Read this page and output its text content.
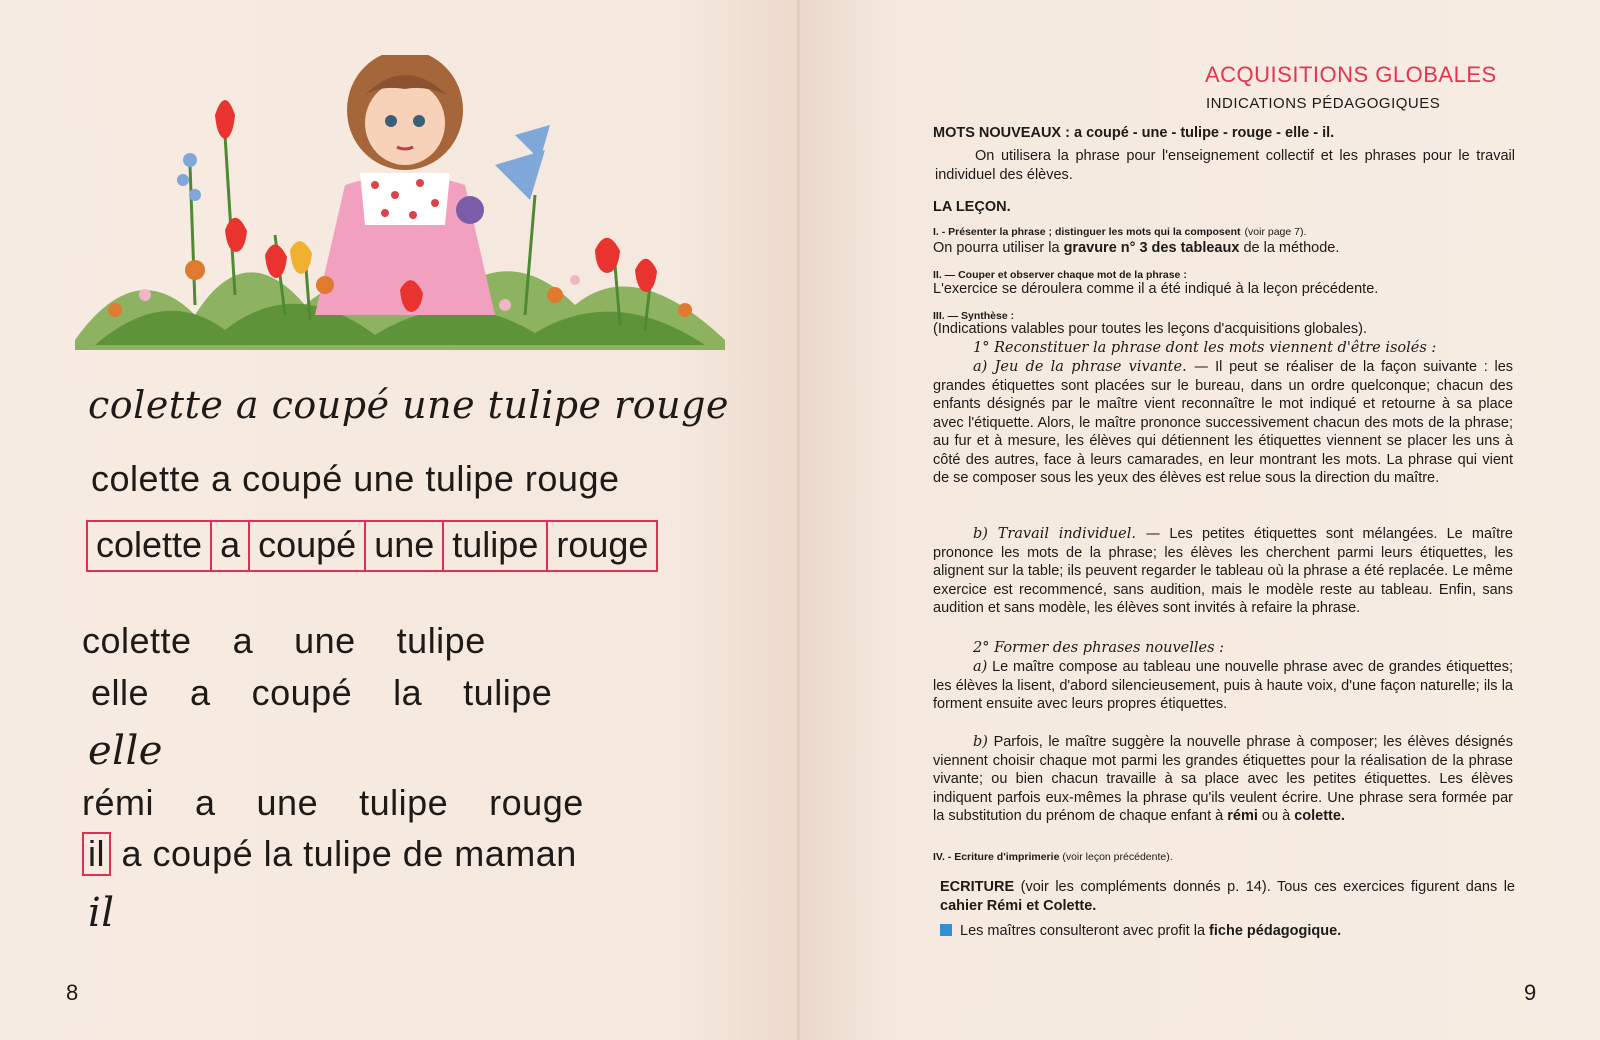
colette a coupé une tulipe rouge
colette a coupé une tulipe rouge
colette a coupé une tulipe rouge
colette  a  une  tulipe
elle  a  coupé  la  tulipe
elle
rémi  a  une  tulipe  rouge
il a coupé la tulipe de maman
il
8
ACQUISITIONS GLOBALES
INDICATIONS PÉDAGOGIQUES
MOTS NOUVEAUX : a coupé - une - tulipe - rouge - elle - il.
On utilisera la phrase pour l'enseignement collectif et les phrases pour le travail individuel des élèves.
LA LEÇON.
I. - Présenter la phrase ; distinguer les mots qui la composent (voir page 7).
On pourra utiliser la gravure n° 3 des tableaux de la méthode.
II. — Couper et observer chaque mot de la phrase :
L'exercice se déroulera comme il a été indiqué à la leçon précédente.
III. — Synthèse :
(Indications valables pour toutes les leçons d'acquisitions globales).
1° Reconstituer la phrase dont les mots viennent d'être isolés :
a) Jeu de la phrase vivante. — Il peut se réaliser de la façon suivante : les grandes étiquettes sont placées sur le bureau, dans un ordre quelconque; chacun des enfants désignés par le maître vient reconnaître le mot indiqué et retourne à sa place avec l'étiquette. Alors, le maître prononce successivement chacun des mots de la phrase; au fur et à mesure, les élèves qui détiennent les étiquettes viennent se placer les uns à côté des autres, face à leurs camarades, en leur montrant les mots. La phrase qui vient de se composer sous les yeux des élèves est relue sous la direction du maître.
b) Travail individuel. — Les petites étiquettes sont mélangées. Le maître prononce les mots de la phrase; les élèves les cherchent parmi leurs étiquettes, les alignent sur la table; ils peuvent regarder le tableau où la phrase a été replacée. Le même exercice est recommencé, sans audition, mais le modèle reste au tableau. Enfin, sans audition et sans modèle, les élèves sont invités à refaire la phrase.
2° Former des phrases nouvelles :
a) Le maître compose au tableau une nouvelle phrase avec de grandes étiquettes; les élèves la lisent, d'abord silencieusement, puis à haute voix, d'une façon naturelle; ils la forment ensuite avec leurs propres étiquettes.
b) Parfois, le maître suggère la nouvelle phrase à composer; les élèves désignés viennent choisir chaque mot parmi les grandes étiquettes pour la réalisation de la phrase vivante; ou bien chacun travaille à sa place avec les petites étiquettes. Les élèves indiquent parfois eux-mêmes la phrase qu'ils veulent écrire. Une phrase sera formée par la substitution du prénom de chaque enfant à rémi ou à colette.
IV. - Ecriture d'imprimerie (voir leçon précédente).
ECRITURE (voir les compléments donnés p. 14). Tous ces exercices figurent dans le cahier Rémi et Colette.
Les maîtres consulteront avec profit la fiche pédagogique.
9
